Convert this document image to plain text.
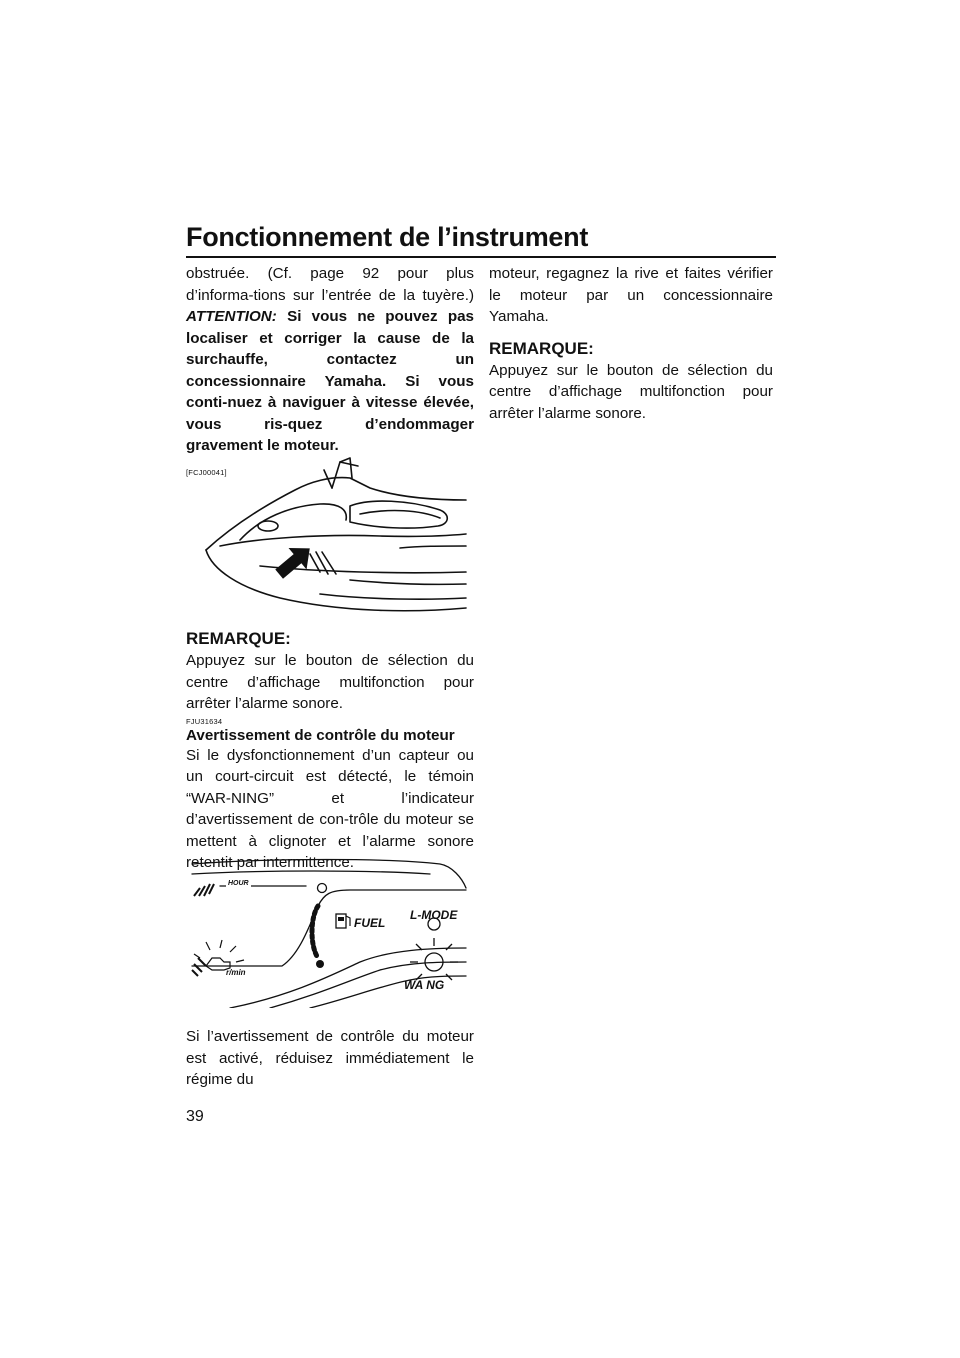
Fonctionnement de l’instrument

obstruée. (Cf. page 92 pour plus d’informa-tions sur l’entrée de la tuyère.) ATTENTION: Si vous ne pouvez pas localiser et corriger la cause de la surchauffe, contactez un concessionnaire Yamaha. Si vous conti-nuez à naviguer à vitesse élevée, vous ris-quez d’endommager gravement le moteur.

[FCJ00041]

REMARQUE:

Appuyez sur le bouton de sélection du centre d’affichage multifonction pour arrêter l’alarme sonore.

FJU31634

Avertissement de contrôle du moteur

Si le dysfonctionnement d’un capteur ou un court-circuit est détecté, le témoin “WAR-NING” et l’indicateur d’avertissement de con-trôle du moteur se mettent à clignoter et l’alarme sonore retentit par intermittence.

HOUR
FUEL
L-MODE
r/min
WA NG

Si l’avertissement de contrôle du moteur est activé, réduisez immédiatement le régime du

moteur, regagnez la rive et faites vérifier le moteur par un concessionnaire Yamaha.

REMARQUE:

Appuyez sur le bouton de sélection du centre d’affichage multifonction pour arrêter l’alarme sonore.

39
